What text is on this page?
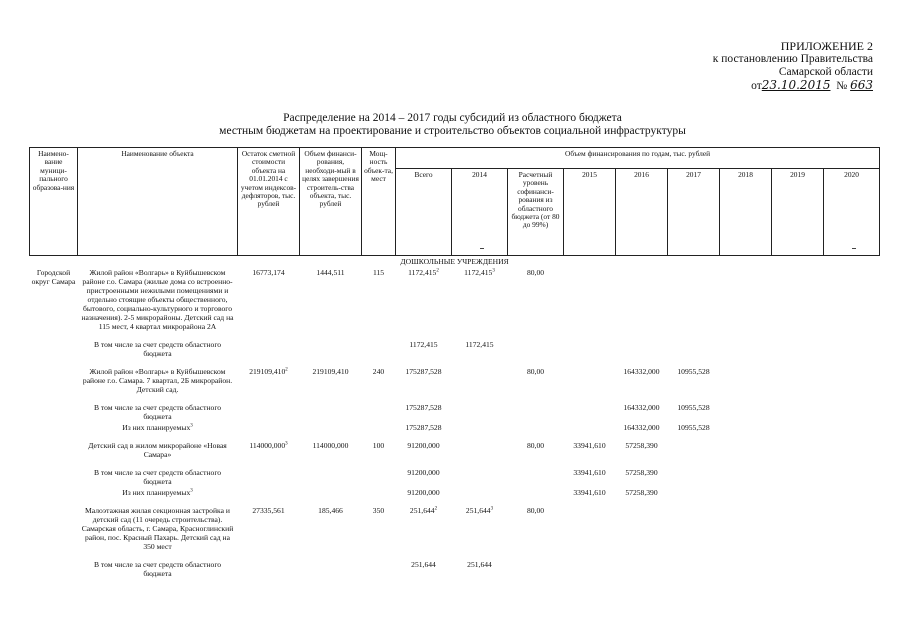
ПРИЛОЖЕНИЕ 2
к постановлению Правительства
Самарской области
от23.10.2015 № 663
Распределение на 2014 – 2017 годы субсидий из областного бюджета
местным бюджетам на проектирование и строительство объектов социальной инфраструктуры
Наимено-вание муници-пального образова-ния	Наименование объекта	Остаток сметной стоимости объекта на 01.01.2014 с учетом индексов-дефляторов, тыс. рублей	Объем финанси-рования, необходи-мый в целях завершения строитель-ства объекта, тыс. рублей	Мощ-ность объек-та, мест	Объем финансирования по годам, тыс. рублей								
					Всего	2014	Расчетный уровень софинанси-рования из областного бюджета (от 80 до 99%)	2015	2016	2017	2018	2019	2020

ДОШКОЛЬНЫЕ УЧРЕЖДЕНИЯ													
Городской округ Самара	Жилой район «Волгарь» в Куйбышевском районе г.о. Самара (жилые дома со встроенно-пристроенными нежилыми помещениями и отдельно стоящие объекты общественного, бытового, социально-культурного и торгового назначения). 2-5 микрорайоны. Детский сад на 115 мест, 4 квартал микрорайона 2А	16773,174	1444,511	115	1172,415$^2$	1172,415$^3$	80,00						

	В том числе за счет средств областного бюджета				1172,415	1172,415							

	Жилой район «Волгарь» в Куйбышевском районе г.о. Самара. 7 квартал, 2Б микрорайон. Детский сад.	219109,410$^2$	219109,410	240	175287,528		80,00		164332,000	10955,528			

	В том числе за счет средств областного бюджета				175287,528				164332,000	10955,528			
	Из них планируемых$^3$				175287,528				164332,000	10955,528			

	Детский сад в жилом микрорайоне «Новая Самара»	114000,000$^3$	114000,000	100	91200,000		80,00	33941,610	57258,390				

	В том числе за счет средств областного бюджета				91200,000			33941,610	57258,390				
	Из них планируемых$^3$				91200,000			33941,610	57258,390				

	Малоэтажная жилая секционная застройка и детский сад (11 очередь строительства). Самарская область, г. Самара, Красноглинский район, пос. Красный Пахарь. Детский сад на 350 мест	27335,561	185,466	350	251,644$^2$	251,644$^3$	80,00						

	В том числе за счет средств областного бюджета				251,644	251,644							
